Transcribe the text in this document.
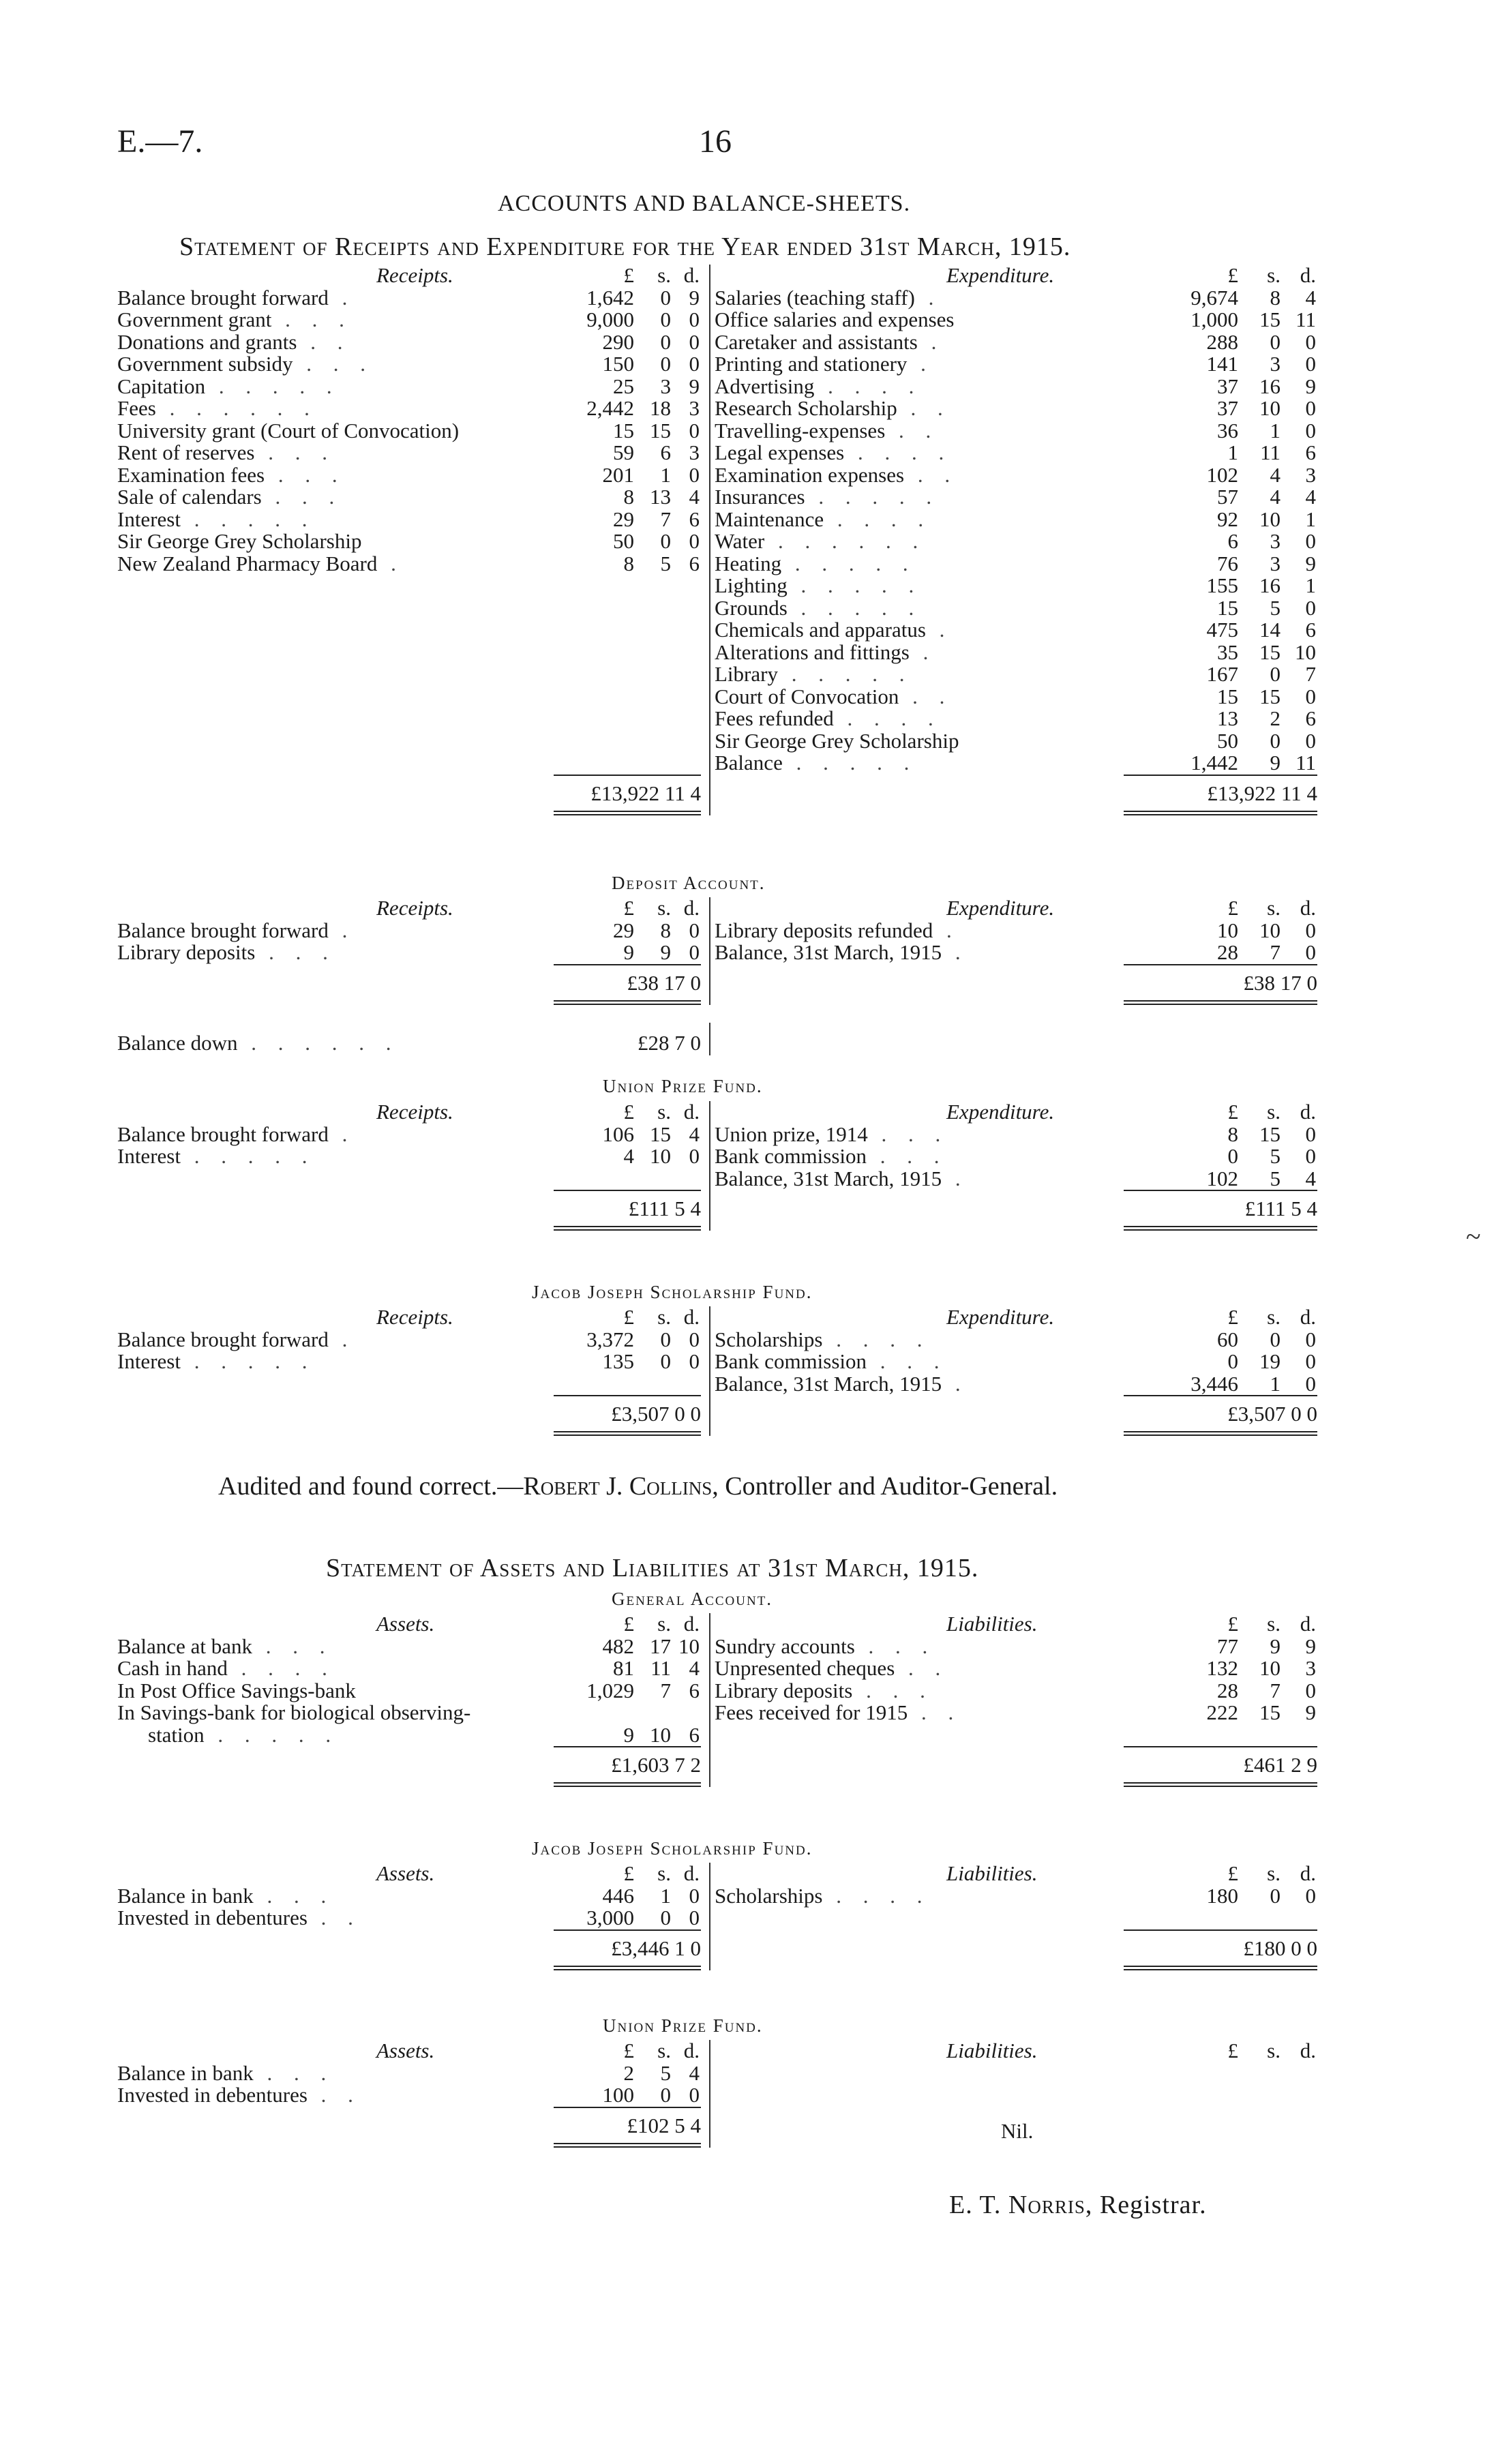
E.—7.	16
ACCOUNTS AND BALANCE-SHEETS.
Statement of Receipts and Expenditure for the Year ended 31st March, 1915.
Receipts.	£	s. d.
Balance brought forward .	1,642	0 9
Government grant . . .	9,000	0 0
Donations and grants . .	290	0 0
Government subsidy . . .	150	0 0
Capitation . . . . .	25	3 9
Fees . . . . . .	2,442 18 3
University grant (Court of Convocation)	15 15 0
Rent of reserves . . .	59	6 3
Examination fees . . .	201	1 0
Sale of calendars . . .	8 13 4
Interest . . . . .	29	7 6
Sir George Grey Scholarship	50	0 0
New Zealand Pharmacy Board .	8	5 6
£13,922 11 4
Expenditure.	£	s. d.
Salaries (teaching staff) .	9,674	8	4
Office salaries and expenses	1,000	15 11
Caretaker and assistants .	288	0	0
Printing and stationery .	141	3	0
Advertising . . . .	37	16	9
Research Scholarship . .	37	10	0
Travelling-expenses . .	36	1	0
Legal expenses . . . .	1	11	6
Examination expenses . .	102	4	3
Insurances . . . . .	57	4	4
Maintenance . . . .	92	10	1
Water . . . . . .	6	3	0
Heating . . . . .	76	3	9
Lighting . . . . .	155	16	1
Grounds . . . . .	15	5	0
Chemicals and apparatus .	475	14	6
Alterations and fittings .	35	15 10
Library . . . . .	167	0	7
Court of Convocation . .	15	15	0
Fees refunded . . . .	13	2	6
Sir George Grey Scholarship	50	0	0
Balance . . . . .	1,442	9 11
£13,922 11 4
Deposit Account.
Receipts.	£	s. d.
Balance brought forward .	29	8 0
Library deposits . . .	9	9 0
£38 17 0
Expenditure.	£	s. d.
Library deposits refunded .	10	10	0
Balance, 31st March, 1915 .	28	7	0
£38 17 0
Balance down . . . . . .	£28 7 0
Union Prize Fund.
Receipts.	£	s. d.
Balance brought forward .	106 15 4
Interest . . . . .	4 10 0
£111 5 4
Expenditure.	£	s. d.
Union prize, 1914 . . .	8	15	0
Bank commission . . .	0	5	0
Balance, 31st March, 1915 .	102	5	4
£111 5 4
Jacob Joseph Scholarship Fund.
Receipts.	£	s. d.
Balance brought forward .	3,372	0 0
Interest . . . . .	135	0 0
£3,507 0 0
Expenditure.	£	s. d.
Scholarships . . . .	60	0	0
Bank commission . . .	0	19	0
Balance, 31st March, 1915 .	3,446	1	0
£3,507 0 0
Audited and found correct.—Robert J. Collins, Controller and Auditor-General.
Statement of Assets and Liabilities at 31st March, 1915.
General Account.
Assets.	£	s. d.
Balance at bank . . .	482 17 10
Cash in hand . . . .	81 11 4
In Post Office Savings-bank	1,029	7 6
In Savings-bank for biological observing-
station . . . . .	9 10 6
£1,603 7 2
Liabilities.	£	s. d.
Sundry accounts . . .	77	9	9
Unpresented cheques . .	132	10	3
Library deposits . . .	28	7	0
Fees received for 1915 . .	222	15	9
£461 2 9
Jacob Joseph Scholarship Fund.
Assets.	£	s. d.
Balance in bank . . .	446	1 0
Invested in debentures . .	3,000	0 0
£3,446 1 0
Liabilities.	£	s. d.
Scholarships . . . .	180	0	0
£180 0 0
Union Prize Fund.
Assets.	£	s. d.
Balance in bank . . .	2	5 4
Invested in debentures . .	100	0 0
£102 5 4
Liabilities.	£	s. d.
Nil.
E. T. Norris, Registrar.
~
